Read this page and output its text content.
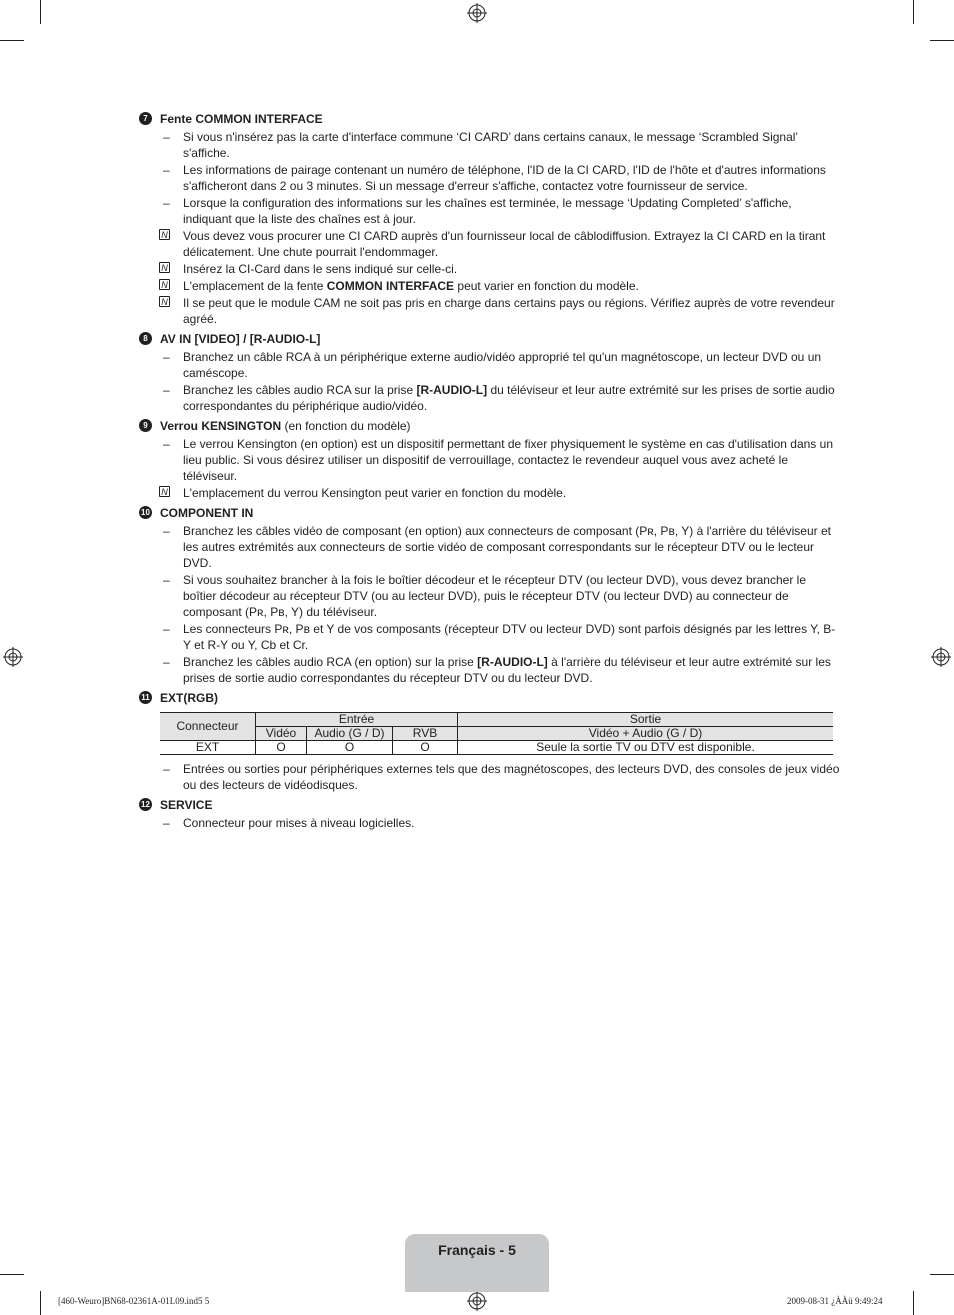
7	Fente COMMON INTERFACE
– Si vous n'insérez pas la carte d'interface commune ‘CI CARD’ dans certains canaux, le message ‘Scrambled Signal’ s'affiche.
– Les informations de pairage contenant un numéro de téléphone, l'ID de la CI CARD, l'ID de l'hôte et d'autres informations s'afficheront dans 2 ou 3 minutes. Si un message d'erreur s'affiche, contactez votre fournisseur de service.
– Lorsque la configuration des informations sur les chaînes est terminée, le message ‘Updating Completed’ s'affiche, indiquant que la liste des chaînes est à jour.
N Vous devez vous procurer une CI CARD auprès d'un fournisseur local de câblodiffusion. Extrayez la CI CARD en la tirant délicatement. Une chute pourrait l'endommager.
N Insérez la CI-Card dans le sens indiqué sur celle-ci.
N L'emplacement de la fente COMMON INTERFACE peut varier en fonction du modèle.
N Il se peut que le module CAM ne soit pas pris en charge dans certains pays ou régions. Vérifiez auprès de votre revendeur agréé.
8	AV IN [VIDEO] / [R-AUDIO-L]
– Branchez un câble RCA à un périphérique externe audio/vidéo approprié tel qu'un magnétoscope, un lecteur DVD ou un caméscope.
– Branchez les câbles audio RCA sur la prise [R-AUDIO-L] du téléviseur et leur autre extrémité sur les prises de sortie audio correspondantes du périphérique audio/vidéo.
9	Verrou KENSINGTON (en fonction du modèle)
– Le verrou Kensington (en option) est un dispositif permettant de fixer physiquement le système en cas d'utilisation dans un lieu public. Si vous désirez utiliser un dispositif de verrouillage, contactez le revendeur auquel vous avez acheté le téléviseur.
N L'emplacement du verrou Kensington peut varier en fonction du modèle.
10 COMPONENT IN
– Branchez les câbles vidéo de composant (en option) aux connecteurs de composant (Pʀ, Pʙ, Y) à l'arrière du téléviseur et les autres extrémités aux connecteurs de sortie vidéo de composant correspondants sur le récepteur DTV ou le lecteur DVD.
– Si vous souhaitez brancher à la fois le boîtier décodeur et le récepteur DTV (ou lecteur DVD), vous devez brancher le boîtier décodeur au récepteur DTV (ou au lecteur DVD), puis le récepteur DTV (ou lecteur DVD) au connecteur de composant (Pʀ, Pʙ, Y) du téléviseur.
– Les connecteurs Pʀ, Pʙ et Y de vos composants (récepteur DTV ou lecteur DVD) sont parfois désignés par les lettres Y, B-Y et R-Y ou Y, Cb et Cr.
– Branchez les câbles audio RCA (en option) sur la prise [R-AUDIO-L] à l'arrière du téléviseur et leur autre extrémité sur les prises de sortie audio correspondantes du récepteur DTV ou du lecteur DVD.
11 EXT(RGB)
Connecteur	Entrée			Sortie
	Vidéo	Audio (G / D)	RVB	Vidéo + Audio (G / D)
EXT	O	O	O	Seule la sortie TV ou DTV est disponible.
– Entrées ou sorties pour périphériques externes tels que des magnétoscopes, des lecteurs DVD, des consoles de jeux vidéo ou des lecteurs de vidéodisques.
12 SERVICE
– Connecteur pour mises à niveau logicielles.
Français - 5
[460-Weuro]BN68-02361A-01L09.ind5 5	2009-08-31 ¿ÀÀü 9:49:24
